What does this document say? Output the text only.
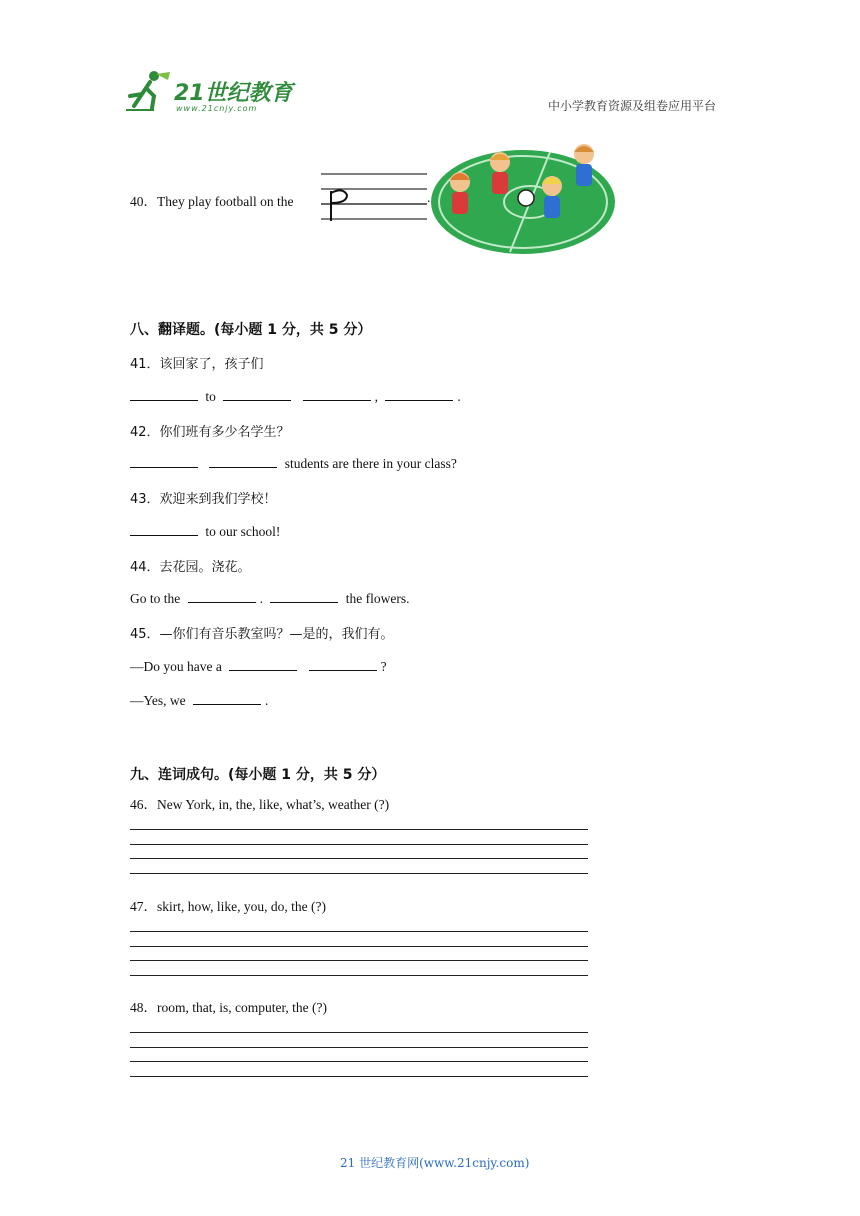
21世纪教育
www.21cnjy.com	中小学教育资源及组卷应用平台
40．They play football on the	.
八、翻译题。(每小题 1 分，共 5 分）
41．该回家了，孩子们
to	,	.
42．你们班有多少名学生？
students are there in your class?
43．欢迎来到我们学校！
to our school!
44．去花园。浇花。
Go to the	.	the flowers.
45．—你们有音乐教室吗？—是的，我们有。
—Do you have a	?
—Yes, we	.
九、连词成句。(每小题 1 分，共 5 分）
46．New York, in, the, like, what’s, weather (?)
47．skirt, how, like, you, do, the (?)
48．room, that, is, computer, the (?)
21 世纪教育网(www.21cnjy.com)
